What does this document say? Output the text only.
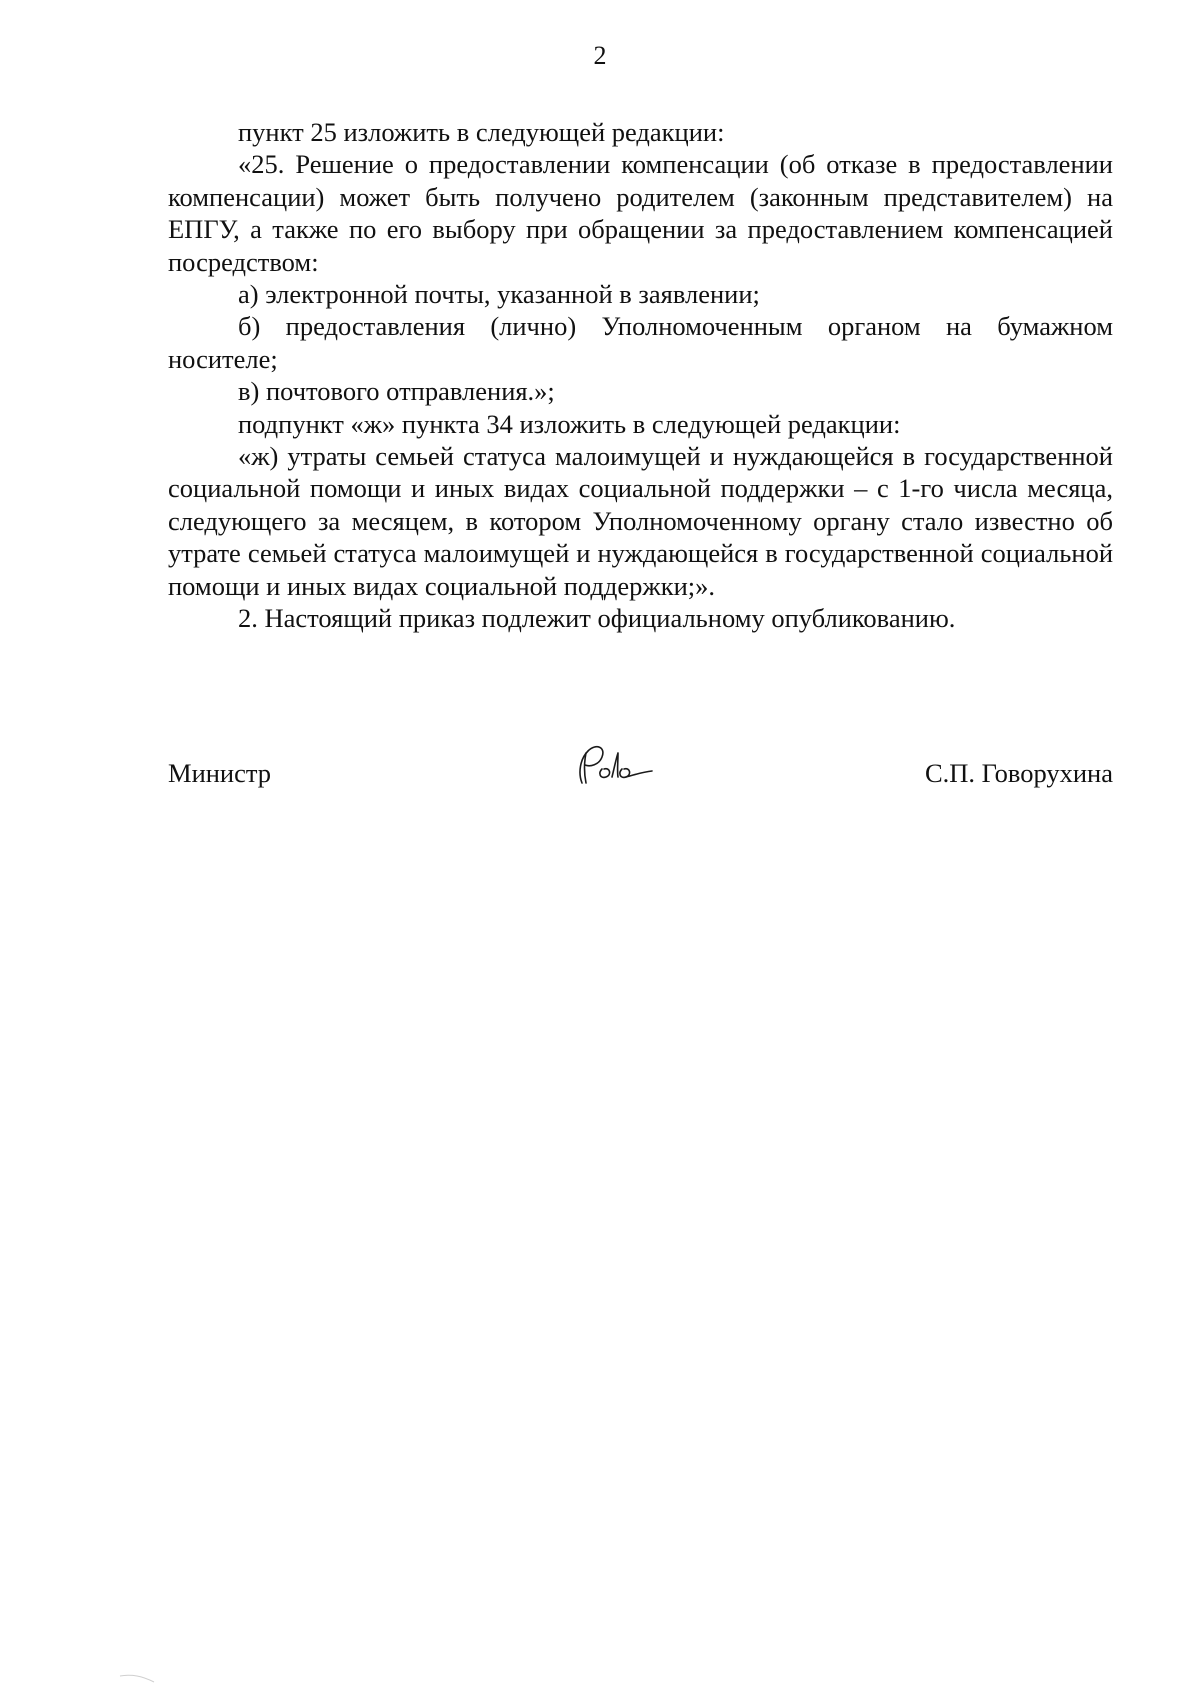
2

пункт 25 изложить в следующей редакции:

«25. Решение о предоставлении компенсации (об отказе в предоставлении компенсации) может быть получено родителем (законным представителем) на ЕПГУ, а также по его выбору при обращении за предоставлением компенсацией посредством:

а) электронной почты, указанной в заявлении;

б) предоставления (лично) Уполномоченным органом на бумажном носителе;

в) почтового отправления.»;

подпункт «ж» пункта 34 изложить в следующей редакции:

«ж) утраты семьей статуса малоимущей и нуждающейся в государственной социальной помощи и иных видах социальной поддержки – с 1-го числа месяца, следующего за месяцем, в котором Уполномоченному органу стало известно об утрате семьей статуса малоимущей и нуждающейся в государственной социальной помощи и иных видах социальной поддержки;».

2. Настоящий приказ подлежит официальному опубликованию.

Министр	С.П. Говорухина
